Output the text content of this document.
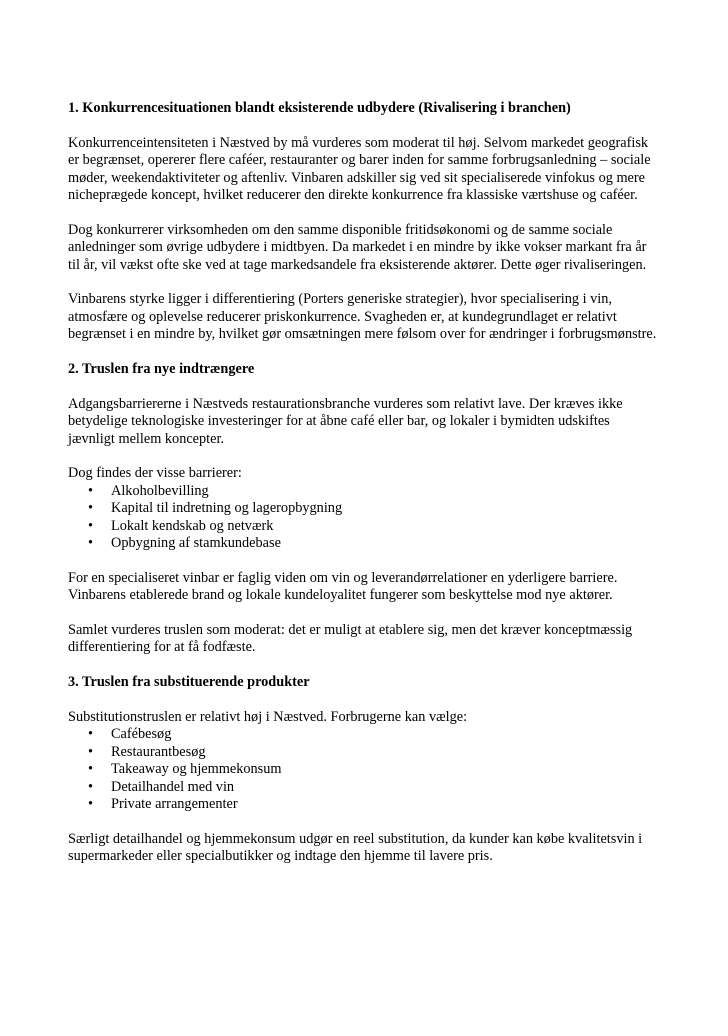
1. Konkurrencesituationen blandt eksisterende udbydere (Rivalisering i branchen)

Konkurrenceintensiteten i Næstved by må vurderes som moderat til høj. Selvom markedet geografisk er begrænset, opererer flere caféer, restauranter og barer inden for samme forbrugsanledning – sociale møder, weekendaktiviteter og aftenliv. Vinbaren adskiller sig ved sit specialiserede vinfokus og mere nicheprægede koncept, hvilket reducerer den direkte konkurrence fra klassiske værtshuse og caféer.

Dog konkurrerer virksomheden om den samme disponible fritidsøkonomi og de samme sociale anledninger som øvrige udbydere i midtbyen. Da markedet i en mindre by ikke vokser markant fra år til år, vil vækst ofte ske ved at tage markedsandele fra eksisterende aktører. Dette øger rivaliseringen.

Vinbarens styrke ligger i differentiering (Porters generiske strategier), hvor specialisering i vin, atmosfære og oplevelse reducerer priskonkurrence. Svagheden er, at kundegrundlaget er relativt begrænset i en mindre by, hvilket gør omsætningen mere følsom over for ændringer i forbrugsmønstre.

2. Truslen fra nye indtrængere

Adgangsbarriererne i Næstveds restaurationsbranche vurderes som relativt lave. Der kræves ikke betydelige teknologiske investeringer for at åbne café eller bar, og lokaler i bymidten udskiftes jævnligt mellem koncepter.

Dog findes der visse barrierer:

• Alkoholbevilling
• Kapital til indretning og lageropbygning
• Lokalt kendskab og netværk
• Opbygning af stamkundebase

For en specialiseret vinbar er faglig viden om vin og leverandørrelationer en yderligere barriere. Vinbarens etablerede brand og lokale kundeloyalitet fungerer som beskyttelse mod nye aktører.

Samlet vurderes truslen som moderat: det er muligt at etablere sig, men det kræver konceptmæssig differentiering for at få fodfæste.

3. Truslen fra substituerende produkter

Substitutionstruslen er relativt høj i Næstved. Forbrugerne kan vælge:

• Cafébesøg
• Restaurantbesøg
• Takeaway og hjemmekonsum
• Detailhandel med vin
• Private arrangementer

Særligt detailhandel og hjemmekonsum udgør en reel substitution, da kunder kan købe kvalitetsvin i supermarkeder eller specialbutikker og indtage den hjemme til lavere pris.
